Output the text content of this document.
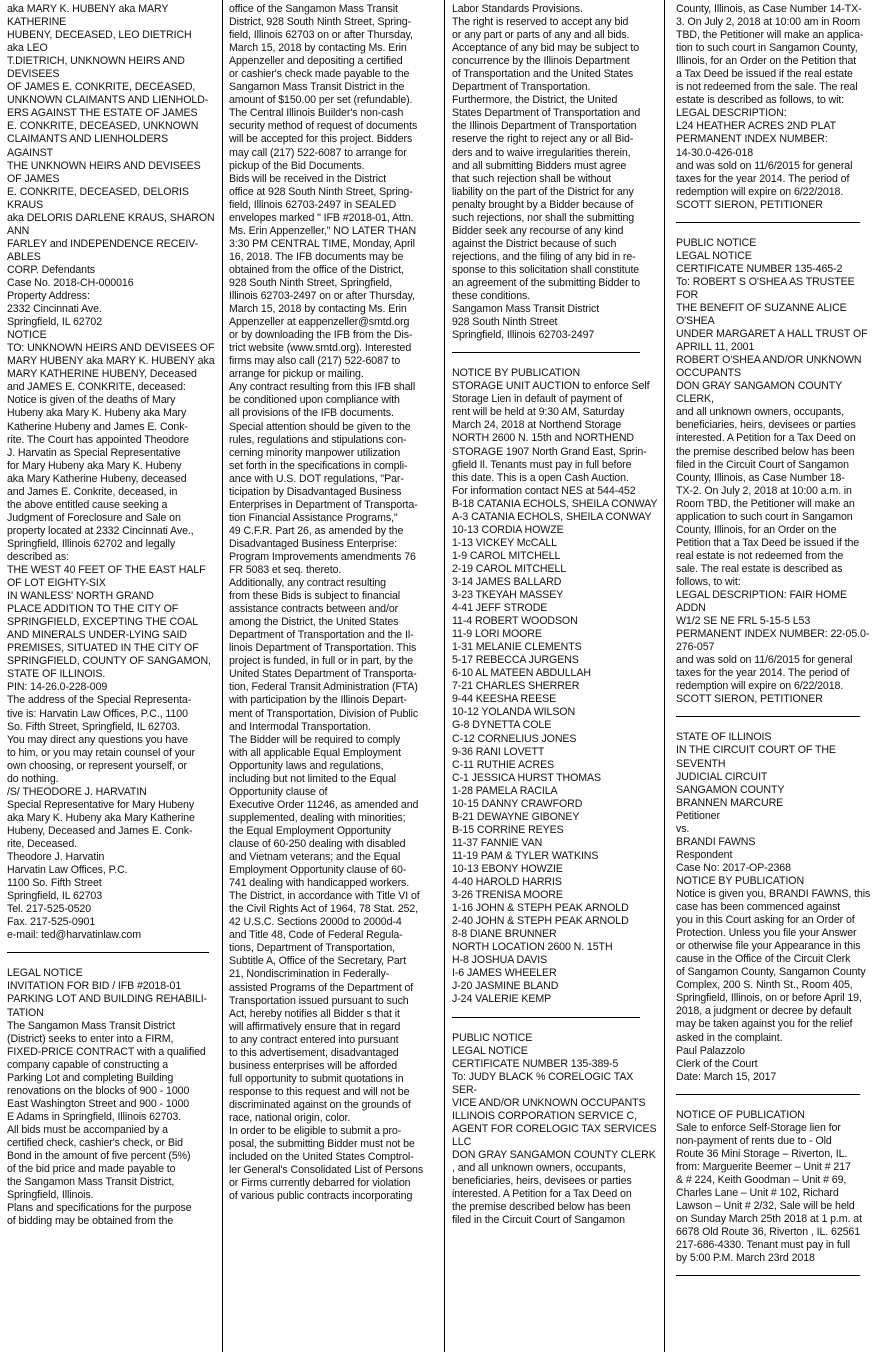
aka MARY K. HUBENY aka MARY
KATHERINE
HUBENY, DECEASED, LEO DIETRICH
aka LEO
T.DIETRICH, UNKNOWN HEIRS AND
DEVISEES
OF JAMES E. CONKRITE, DECEASED,
UNKNOWN CLAIMANTS AND LIENHOLD-
ERS AGAINST THE ESTATE OF JAMES
E. CONKRITE, DECEASED, UNKNOWN
CLAIMANTS AND LIENHOLDERS AGAINST
THE UNKNOWN HEIRS AND DEVISEES
OF JAMES
E. CONKRITE, DECEASED, DELORIS
KRAUS
aka DELORIS DARLENE KRAUS, SHARON
ANN
FARLEY and INDEPENDENCE RECEIV-
ABLES
CORP. Defendants
Case No. 2018-CH-000016
Property Address:
2332 Cincinnati Ave.
Springfield, IL 62702
NOTICE
TO: UNKNOWN HEIRS AND DEVISEES OF
MARY HUBENY aka MARY K. HUBENY aka
MARY KATHERINE HUBENY, Deceased
and JAMES E. CONKRITE, deceased:
Notice is given of the deaths of Mary
Hubeny aka Mary K. Hubeny aka Mary
Katherine Hubeny and James E. Conk-
rite. The Court has appointed Theodore
J. Harvatin as Special Representative
for Mary Hubeny aka Mary K. Hubeny
aka Mary Katherine Hubeny, deceased
and James E. Conkrite, deceased, in
the above entitled cause seeking a
Judgment of Foreclosure and Sale on
property located at 2332 Cincinnati Ave.,
Springfield, Illinois 62702 and legally
described as:
THE WEST 40 FEET OF THE EAST HALF
OF LOT EIGHTY-SIX
IN WANLESS' NORTH GRAND
PLACE ADDITION TO THE CITY OF
SPRINGFIELD, EXCEPTING THE COAL
AND MINERALS UNDER-LYING SAID
PREMISES, SITUATED IN THE CITY OF
SPRINGFIELD, COUNTY OF SANGAMON,
STATE OF ILLINOIS.
PIN: 14-26.0-228-009
The address of the Special Representa-
tive is: Harvatin Law Offices, P.C., 1100
So. Fifth Street, Springfield, IL 62703.
You may direct any questions you have
to him, or you may retain counsel of your
own choosing, or represent yourself, or
do nothing.
/S/ THEODORE J. HARVATIN
Special Representative for Mary Hubeny
aka Mary K. Hubeny aka Mary Katherine
Hubeny, Deceased and James E. Conk-
rite, Deceased.
Theodore J. Harvatin
Harvatin Law Offices, P.C.
1100 So. Fifth Street
Springfield, IL 62703
Tel. 217-525-0520
Fax. 217-525-0901
e-mail: ted@harvatinlaw.com
LEGAL NOTICE
INVITATION FOR BID / IFB #2018-01
PARKING LOT AND BUILDING REHABILI-
TATION
The Sangamon Mass Transit District
(District) seeks to enter into a FIRM,
FIXED-PRICE CONTRACT with a qualified
company capable of constructing a
Parking Lot and completing Building
renovations on the blocks of 900 - 1000
East Washington Street and 900 - 1000
E Adams in Springfield, Illinois 62703.
All bids must be accompanied by a
certified check, cashier's check, or Bid
Bond in the amount of five percent (5%)
of the bid price and made payable to
the Sangamon Mass Transit District,
Springfield, Illinois.
Plans and specifications for the purpose
of bidding may be obtained from the
office of the Sangamon Mass Transit
District, 928 South Ninth Street, Spring-
field, Illinois 62703 on or after Thursday,
March 15, 2018 by contacting Ms. Erin
Appenzeller and depositing a certified
or cashier's check made payable to the
Sangamon Mass Transit District in the
amount of $150.00 per set (refundable).
The Central Illinois Builder's non-cash
security method of request of documents
will be accepted for this project. Bidders
may call (217) 522-6087 to arrange for
pickup of the Bid Documents.
Bids will be received in the District
office at 928 South Ninth Street, Spring-
field, Illinois 62703-2497 in SEALED
envelopes marked " IFB #2018-01, Attn.
Ms. Erin Appenzeller," NO LATER THAN
3:30 PM CENTRAL TIME, Monday, April
16, 2018. The IFB documents may be
obtained from the office of the District,
928 South Ninth Street, Springfield,
Illinois 62703-2497 on or after Thursday,
March 15, 2018 by contacting Ms. Erin
Appenzeller at eappenzeller@smtd.org
or by downloading the IFB from the Dis-
trict website (www.smtd.org). Interested
firms may also call (217) 522-6087 to
arrange for pickup or mailing.
Any contract resulting from this IFB shall
be conditioned upon compliance with
all provisions of the IFB documents.
Special attention should be given to the
rules, regulations and stipulations con-
cerning minority manpower utilization
set forth in the specifications in compli-
ance with U.S. DOT regulations, "Par-
ticipation by Disadvantaged Business
Enterprises in Department of Transporta-
tion Financial Assistance Programs,"
49 C.F.R. Part 26, as amended by the
Disadvantaged Business Enterprise:
Program Improvements amendments 76
FR 5083 et seq. thereto.
Additionally, any contract resulting
from these Bids is subject to financial
assistance contracts between and/or
among the District, the United States
Department of Transportation and the Il-
linois Department of Transportation. This
project is funded, in full or in part, by the
United States Department of Transporta-
tion, Federal Transit Administration (FTA)
with participation by the Illinois Depart-
ment of Transportation, Division of Public
and Intermodal Transportation.
The Bidder will be required to comply
with all applicable Equal Employment
Opportunity laws and regulations,
including but not limited to the Equal
Opportunity clause of
Executive Order 11246, as amended and
supplemented, dealing with minorities;
the Equal Employment Opportunity
clause of 60-250 dealing with disabled
and Vietnam veterans; and the Equal
Employment Opportunity clause of 60-
741 dealing with handicapped workers.
The District, in accordance with Title VI of
the Civil Rights Act of 1964, 78 Stat. 252,
42 U.S.C. Sections 2000d to 2000d-4
and Title 48, Code of Federal Regula-
tions, Department of Transportation,
Subtitle A, Office of the Secretary, Part
21, Nondiscrimination in Federally-
assisted Programs of the Department of
Transportation issued pursuant to such
Act, hereby notifies all Bidder s that it
will affirmatively ensure that in regard
to any contract entered into pursuant
to this advertisement, disadvantaged
business enterprises will be afforded
full opportunity to submit quotations in
response to this request and will not be
discriminated against on the grounds of
race, national origin, color.
In order to be eligible to submit a pro-
posal, the submitting Bidder must not be
included on the United States Comptrol-
ler General's Consolidated List of Persons
or Firms currently debarred for violation
of various public contracts incorporating
Labor Standards Provisions.
The right is reserved to accept any bid
or any part or parts of any and all bids.
Acceptance of any bid may be subject to
concurrence by the Illinois Department
of Transportation and the United States
Department of Transportation.
Furthermore, the District, the United
States Department of Transportation and
the Illinois Department of Transportation
reserve the right to reject any or all Bid-
ders and to waive irregularities therein,
and all submitting Bidders must agree
that such rejection shall be without
liability on the part of the District for any
penalty brought by a Bidder because of
such rejections, nor shall the submitting
Bidder seek any recourse of any kind
against the District because of such
rejections, and the filing of any bid in re-
sponse to this solicitation shall constitute
an agreement of the submitting Bidder to
these conditions.
Sangamon Mass Transit District
928 South Ninth Street
Springfield, Illinois 62703-2497
NOTICE BY PUBLICATION
STORAGE UNIT AUCTION to enforce Self
Storage Lien in default of payment of
rent will be held at 9:30 AM, Saturday
March 24, 2018 at Northend Storage
NORTH 2600 N. 15th and NORTHEND
STORAGE 1907 North Grand East, Sprin-
gfield Il. Tenants must pay in full before
this date. This is a open Cash Auction.
For information contact NES at 544-452
B-18 CATANIA ECHOLS, SHEILA CONWAY
A-3 CATANIA ECHOLS, SHEILA CONWAY
10-13 CORDIA HOWZE
1-13 VICKEY McCALL
1-9 CAROL MITCHELL
2-19 CAROL MITCHELL
3-14 JAMES BALLARD
3-23 TKEYAH MASSEY
4-41 JEFF STRODE
11-4 ROBERT WOODSON
11-9 LORI MOORE
1-31 MELANIE CLEMENTS
5-17 REBECCA JURGENS
6-10 AL MATEEN ABDULLAH
7-21 CHARLES SHERRER
9-44 KEESHA REESE
10-12 YOLANDA WILSON
G-8 DYNETTA COLE
C-12 CORNELIUS JONES
9-36 RANI LOVETT
C-11 RUTHIE ACRES
C-1 JESSICA HURST THOMAS
1-28 PAMELA RACILA
10-15 DANNY CRAWFORD
B-21 DEWAYNE GIBONEY
B-15 CORRINE REYES
11-37 FANNIE VAN
11-19 PAM & TYLER WATKINS
10-13 EBONY HOWZIE
4-40 HAROLD HARRIS
3-26 TRENISA MOORE
1-16 JOHN & STEPH PEAK ARNOLD
2-40 JOHN & STEPH PEAK ARNOLD
8-8 DIANE BRUNNER
NORTH LOCATION 2600 N. 15TH
H-8 JOSHUA DAVIS
I-6 JAMES WHEELER
J-20 JASMINE BLAND
J-24 VALERIE KEMP
PUBLIC NOTICE
LEGAL NOTICE
CERTIFICATE NUMBER 135-389-5
To: JUDY BLACK % CORELOGIC TAX SER-
VICE AND/OR UNKNOWN OCCUPANTS
ILLINOIS CORPORATION SERVICE C,
AGENT FOR CORELOGIC TAX SERVICES
LLC
DON GRAY SANGAMON COUNTY CLERK
, and all unknown owners, occupants,
beneficiaries, heirs, devisees or parties
interested. A Petition for a Tax Deed on
the premise described below has been
filed in the Circuit Court of Sangamon
County, Illinois, as Case Number 14-TX-
3. On July 2, 2018 at 10:00 am in Room
TBD, the Petitioner will make an applica-
tion to such court in Sangamon County,
Illinois, for an Order on the Petition that
a Tax Deed be issued if the real estate
is not redeemed from the sale. The real
estate is described as follows, to wit:
LEGAL DESCRIPTION:
L24 HEATHER ACRES 2ND PLAT
PERMANENT INDEX NUMBER:
14-30.0-426-018
and was sold on 11/6/2015 for general
taxes for the year 2014. The period of
redemption will expire on 6/22/2018.
SCOTT SIERON, PETITIONER
PUBLIC NOTICE
LEGAL NOTICE
CERTIFICATE NUMBER 135-465-2
To: ROBERT S O'SHEA AS TRUSTEE FOR
THE BENEFIT OF SUZANNE ALICE O'SHEA
UNDER MARGARET A HALL TRUST OF
APRILL 11, 2001
ROBERT O'SHEA AND/OR UNKNOWN
OCCUPANTS
DON GRAY SANGAMON COUNTY CLERK,
and all unknown owners, occupants,
beneficiaries, heirs, devisees or parties
interested. A Petition for a Tax Deed on
the premise described below has been
filed in the Circuit Court of Sangamon
County, Illinois, as Case Number 18-
TX-2. On July 2, 2018 at 10:00 a.m. in
Room TBD, the Petitioner will make an
application to such court in Sangamon
County, Illinois, for an Order on the
Petition that a Tax Deed be issued if the
real estate is not redeemed from the
sale. The real estate is described as
follows, to wit:
LEGAL DESCRIPTION: FAIR HOME ADDN
W1/2 SE NE FRL 5-15-5 L53
PERMANENT INDEX NUMBER: 22-05.0-
276-057
and was sold on 11/6/2015 for general
taxes for the year 2014. The period of
redemption will expire on 6/22/2018.
SCOTT SIERON, PETITIONER
STATE OF ILLINOIS
IN THE CIRCUIT COURT OF THE SEVENTH
JUDICIAL CIRCUIT
SANGAMON COUNTY
BRANNEN MARCURE
Petitioner
vs.
BRANDI FAWNS
Respondent
Case No: 2017-OP-2368
NOTICE BY PUBLICATION
Notice is given you, BRANDI FAWNS, this
case has been commenced against
you in this Court asking for an Order of
Protection. Unless you file your Answer
or otherwise file your Appearance in this
cause in the Office of the Circuit Clerk
of Sangamon County, Sangamon County
Complex, 200 S. Ninth St., Room 405,
Springfield, Illinois, on or before April 19,
2018, a judgment or decree by default
may be taken against you for the relief
asked in the complaint.
Paul Palazzolo
Clerk of the Court
Date: March 15, 2017
NOTICE OF PUBLICATION
Sale to enforce Self-Storage lien for
non-payment of rents due to - Old
Route 36 Mini Storage – Riverton, IL.
from: Marguerite Beemer – Unit # 217
& # 224, Keith Goodman – Unit # 69,
Charles Lane – Unit # 102, Richard
Lawson – Unit # 2/32, Sale will be held
on Sunday March 25th 2018 at 1 p.m. at
6678 Old Route 36, Riverton , IL. 62561
217-686-4330. Tenant must pay in full
by 5:00 P.M. March 23rd 2018
